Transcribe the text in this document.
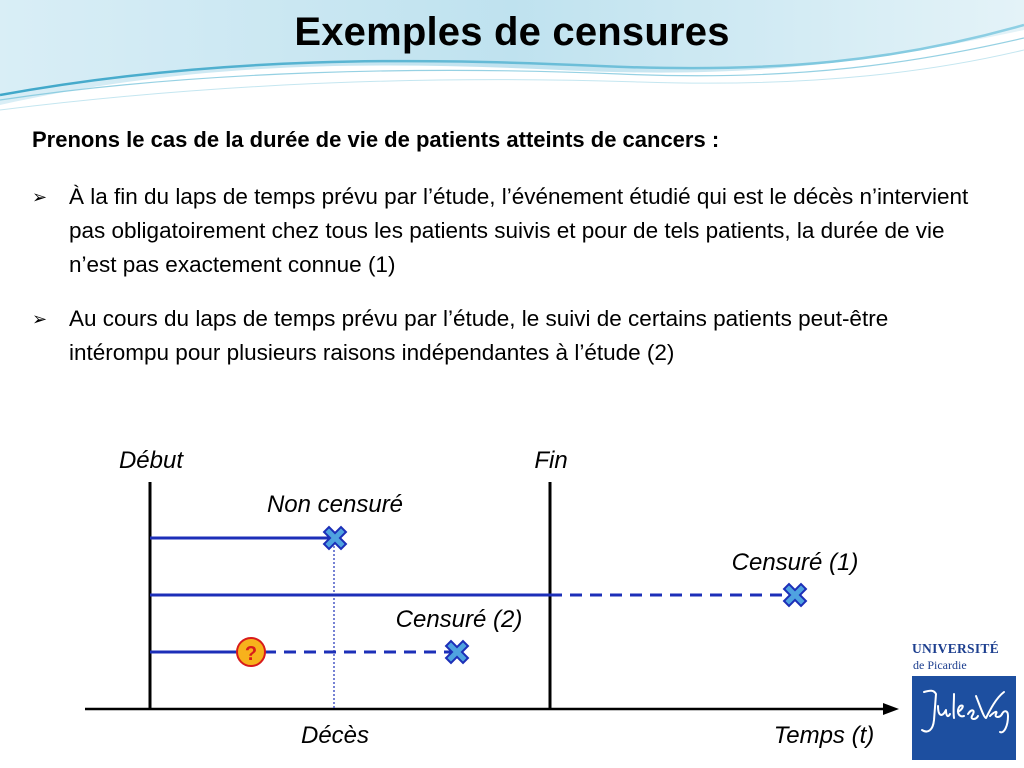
Exemples de censures
Prenons le cas de la durée de vie de patients atteints de cancers :
➢ À la fin du laps de temps prévu par l’étude, l’événement étudié qui est le décès n’intervient pas obligatoirement chez tous les patients suivis et pour de tels patients, la durée de vie n’est pas exactement connue (1)
➢ Au cours du laps de temps prévu par l’étude, le suivi de certains patients peut-être intérompu pour plusieurs raisons indépendantes à l’étude (2)
?
Début	Fin
Non censuré
Censuré (1)
Censuré (2)
Décès	Temps (t)
UNIVERSITÉ
de Picardie
